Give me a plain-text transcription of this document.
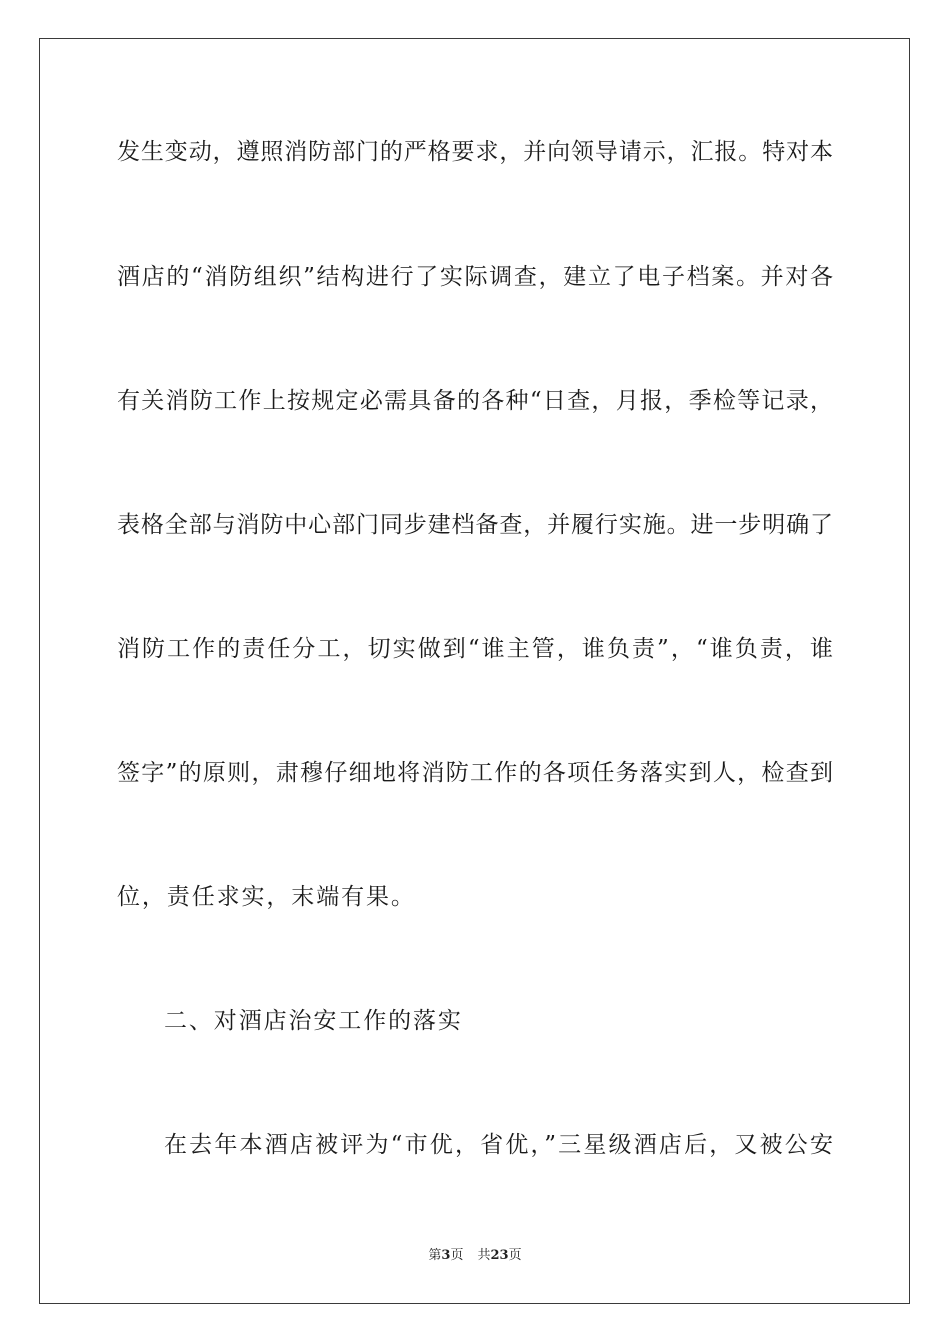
发生变动，遵照消防部门的严格要求，并向领导请示，汇报。特对本
酒店的“消防组织”结构进行了实际调查，建立了电子档案。并对各
有关消防工作上按规定必需具备的各种“日查，月报，季检等记录，
表格全部与消防中心部门同步建档备查，并履行实施。进一步明确了
消防工作的责任分工，切实做到“谁主管，谁负责”，“谁负责，谁
签字”的原则，肃穆仔细地将消防工作的各项任务落实到人，检查到
位，责任求实，末端有果。
二、对酒店治安工作的落实
在去年本酒店被评为“市优，省优，”三星级酒店后，又被公安
第3页 共23页
